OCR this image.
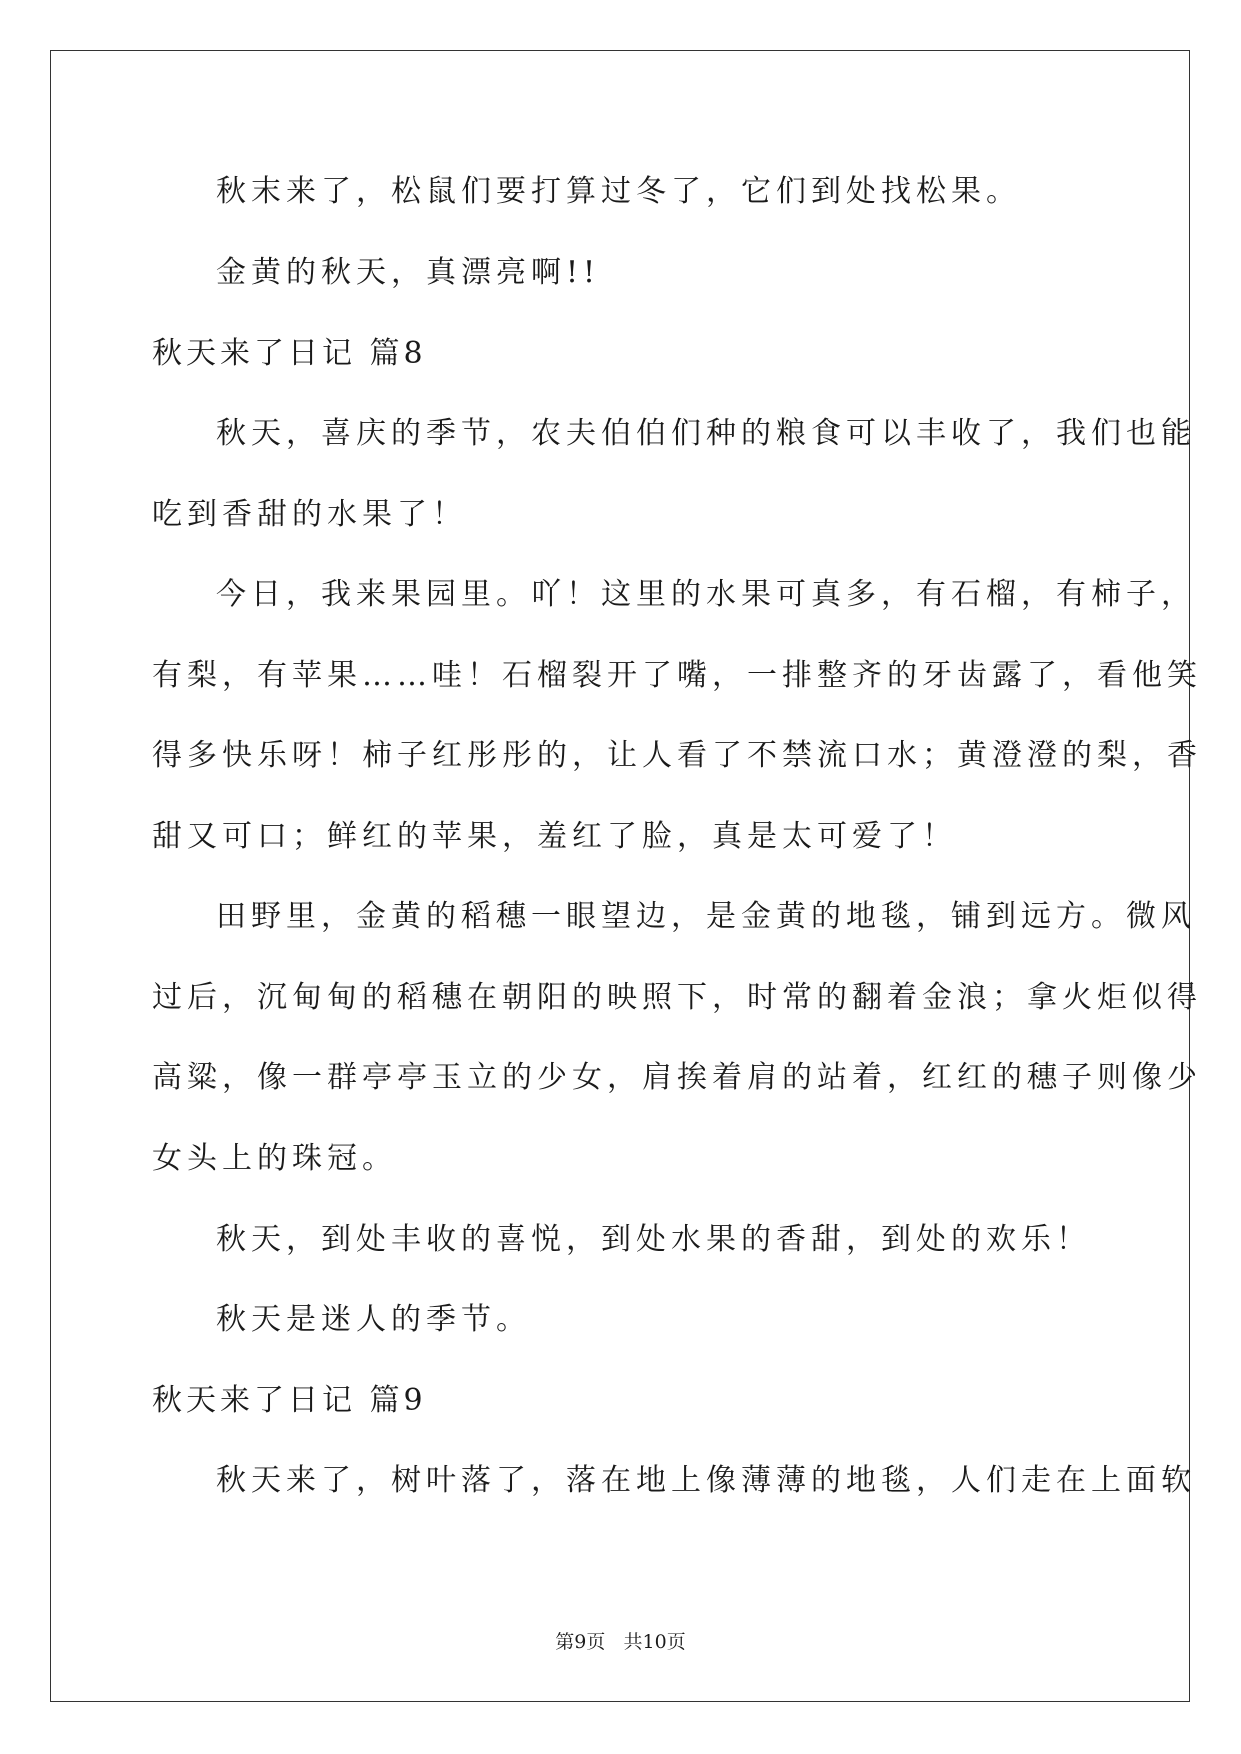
秋末来了，松鼠们要打算过冬了，它们到处找松果。
金黄的秋天，真漂亮啊!!
秋天来了日记 篇8
秋天，喜庆的季节，农夫伯伯们种的粮食可以丰收了，我们也能
吃到香甜的水果了！
今日，我来果园里。吖！这里的水果可真多，有石榴，有柿子，
有梨，有苹果……哇！石榴裂开了嘴，一排整齐的牙齿露了，看他笑
得多快乐呀！柿子红彤彤的，让人看了不禁流口水；黄澄澄的梨，香
甜又可口；鲜红的苹果，羞红了脸，真是太可爱了！
田野里，金黄的稻穗一眼望边，是金黄的地毯，铺到远方。微风
过后，沉甸甸的稻穗在朝阳的映照下，时常的翻着金浪；拿火炬似得
高粱，像一群亭亭玉立的少女，肩挨着肩的站着，红红的穗子则像少
女头上的珠冠。
秋天，到处丰收的喜悦，到处水果的香甜，到处的欢乐！
秋天是迷人的季节。
秋天来了日记 篇9
秋天来了，树叶落了，落在地上像薄薄的地毯，人们走在上面软
第9页 共10页
